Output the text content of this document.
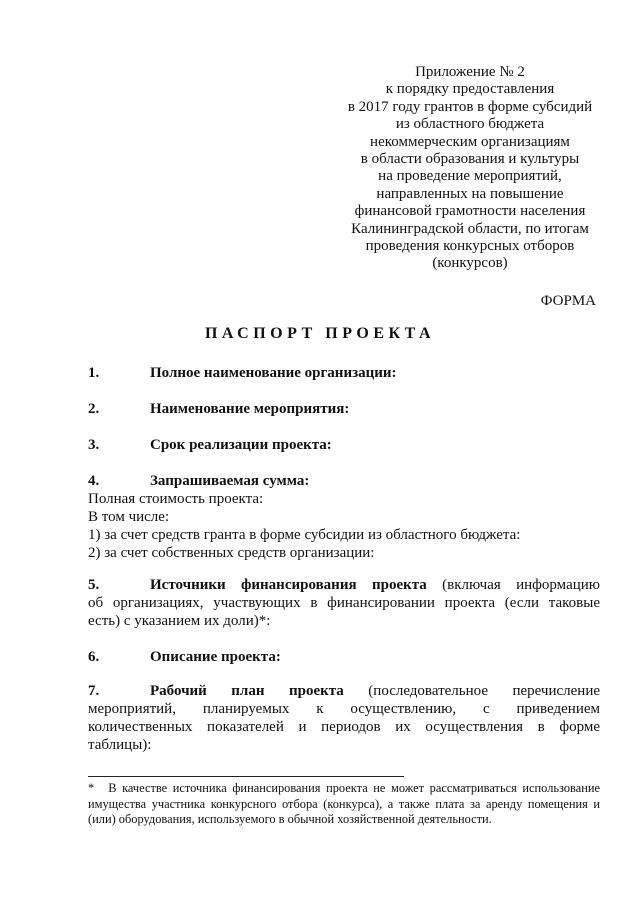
Приложение № 2
к порядку предоставления
в 2017 году грантов в форме субсидий
из областного бюджета
некоммерческим организациям
в области образования и культуры
на проведение мероприятий,
направленных на повышение
финансовой грамотности населения
Калининградской области, по итогам
проведения конкурсных отборов
(конкурсов)
ФОРМА
ПАСПОРТ ПРОЕКТА
1.	Полное наименование организации:
2.	Наименование мероприятия:
3.	Срок реализации проекта:
4.	Запрашиваемая сумма:

Полная стоимость проекта:

В том числе:

1) за счет средств гранта в форме субсидии из областного бюджета:

2) за счет собственных средств организации:

5.	Источники финансирования проекта (включая информацию

об организациях, участвующих в финансировании проекта (если таковые

есть) с указанием их доли)*:

6.	Описание проекта:
7.	Рабочий план проекта (последовательное перечисление

мероприятий, планируемых к осуществлению, с приведением

количественных показателей и периодов их осуществления в форме

таблицы):

* В качестве источника финансирования проекта не может рассматриваться использование имущества участника конкурсного отбора (конкурса), а также плата за аренду помещения и (или) оборудования, используемого в обычной хозяйственной деятельности.
